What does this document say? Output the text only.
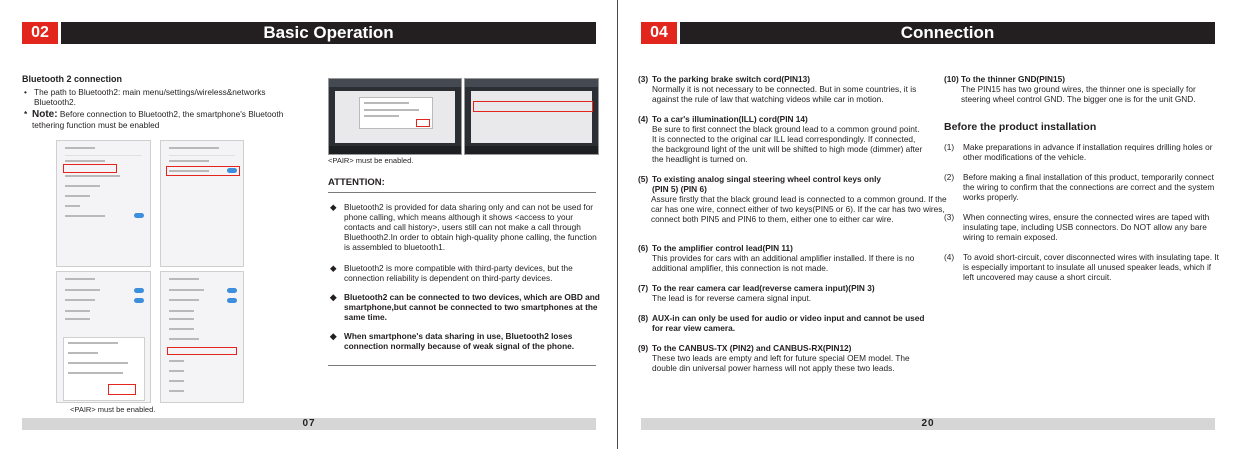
02	Basic Operation
Bluetooth 2 connection
• The path to Bluetooth2: main menu/settings/wireless&networks Bluetooth2.
* Note: Before connection to Bluetooth2, the smartphone's Bluetooth tethering function must be enabled
<PAIR> must be enabled.
<PAIR> must be enabled.
ATTENTION:
◆ Bluetooth2 is provided for data sharing only and can not be used for phone calling, which means although it shows <access to your contacts and call history>, users still can not make a call through Bluethooth2.In order to obtain high-quality phone calling, the function is assembled to bluetooth1.
◆ Bluetooth2 is more compatible with third-party devices, but the connection reliability is dependent on third-party devices.
◆ Bluetooth2 can be connected to two devices, which are OBD and smartphone,but cannot be connected to two smartphones at the same time.
◆ When smartphone's data sharing in use, Bluetooth2 loses connection normally because of weak signal of the phone.
07
04	Connection
(3) To the parking brake switch cord(PIN13)
Normally it is not necessary to be connected. But in some countries, it is against the rule of law that watching videos while car in motion.
(4) To a car's illumination(ILL) cord(PIN 14)
Be sure to first connect the black ground lead to a common ground point. It is connected to the original car ILL lead correspondingly. If connected, the background light of the unit will be shifted to high mode (dimmer) after the headlight is turned on.
(5) To existing analog singal steering wheel control keys only
(PIN 5) (PIN 6)
Assure firstly that the black ground lead is connected to a common ground. If the car has one wire, connect either of two keys(PIN5 or 6). If the car has two wires, connect both PIN5 and PIN6 to them, either one to either car wire.
(6) To the amplifier control lead(PIN 11)
This provides for cars with an additional amplifier installed. If there is no additional amplifier, this connection is not made.
(7) To the rear camera car lead(reverse camera input)(PIN 3)
The lead is for reverse camera signal input.
(8) AUX-in can only be used for audio or video input and cannot be used
for rear view camera.
(9) To the CANBUS-TX (PIN2) and CANBUS-RX(PIN12)
These two leads are empty and left for future special OEM model. The double din universal power harness will not apply these two leads.
(10) To the thinner GND(PIN15)
The PIN15 has two ground wires, the thinner one is specially for steering wheel control GND. The bigger one is for the unit GND.
Before the product installation
(1) Make preparations in advance if installation requires drilling holes or other modifications of the vehicle.
(2) Before making a final installation of this product, temporarily connect the wiring to confirm that the connections are correct and the system works properly.
(3) When connecting wires, ensure the connected wires are taped with insulating tape, including USB connectors. Do NOT allow any bare wiring to remain exposed.
(4) To avoid short-circuit, cover disconnected wires with insulating tape. It is especially important to insulate all unused speaker leads, which if left uncovered may cause a short circuit.
20
